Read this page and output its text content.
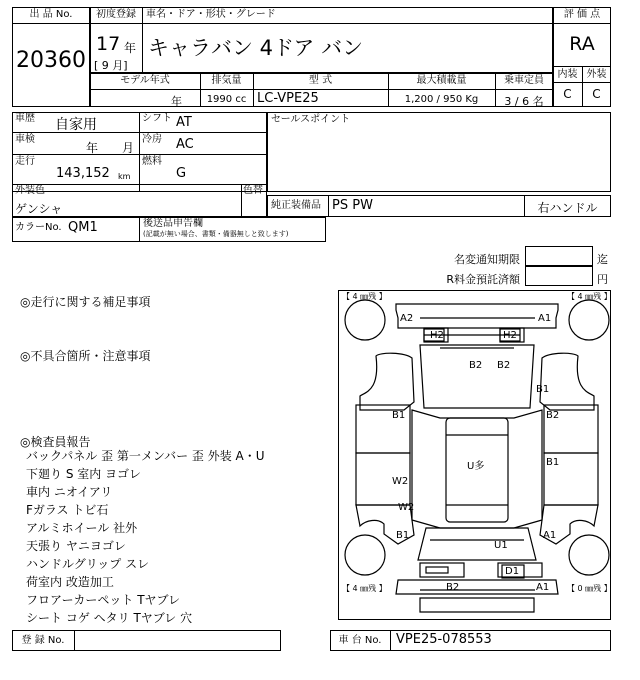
出 品 No.
20360
初度登録	車名・ドア・形状・グレード
17 年
[ 9 月]
キャラバン 4ドア バン
評 価 点
RA
内装 外装
C	C
モデル年式	排気量	型 式	最大積載量	乗車定員
年	1990 cc LC-VPE25	1,200 / 950 Kg	3 / 6 名
車歴 自家用	シフト AT
車検
年 月
冷房 AC
走行
143,152 km
燃料
G
セールスポイント
外装色
ゲンシャ
色替
純正装備品 PS PW	右ハンドル
カラーNo. QM1	後送品申告欄
(記載が無い場合、書類・備器無しと致します)
名変通知期限	迄
R料金預託済額	円
◎走行に関する補足事項
◎不具合箇所・注意事項
◎検査員報告
バックパネル 歪 第一メンバー 歪 外装 A・U
下廻り S 室内 ヨゴレ
車内 ニオイアリ
Fガラス トビ石
アルミホイール 社外
天張り ヤニヨゴレ
ハンドルグリップ スレ
荷室内 改造加工
フロアーカーペット Tヤブレ
シート コゲ ヘタリ Tヤブレ 穴
【 4 ㎜残 】	【 4 ㎜残 】
【 4 ㎜残 】	【 0 ㎜残 】
A2	A1
H2	H2
B2 B2
B1
B1	B2
U多	B1
W2
W2
B1	A1
U1
D1
B2	A1
登 録 No.	車 台 No.	VPE25-078553
